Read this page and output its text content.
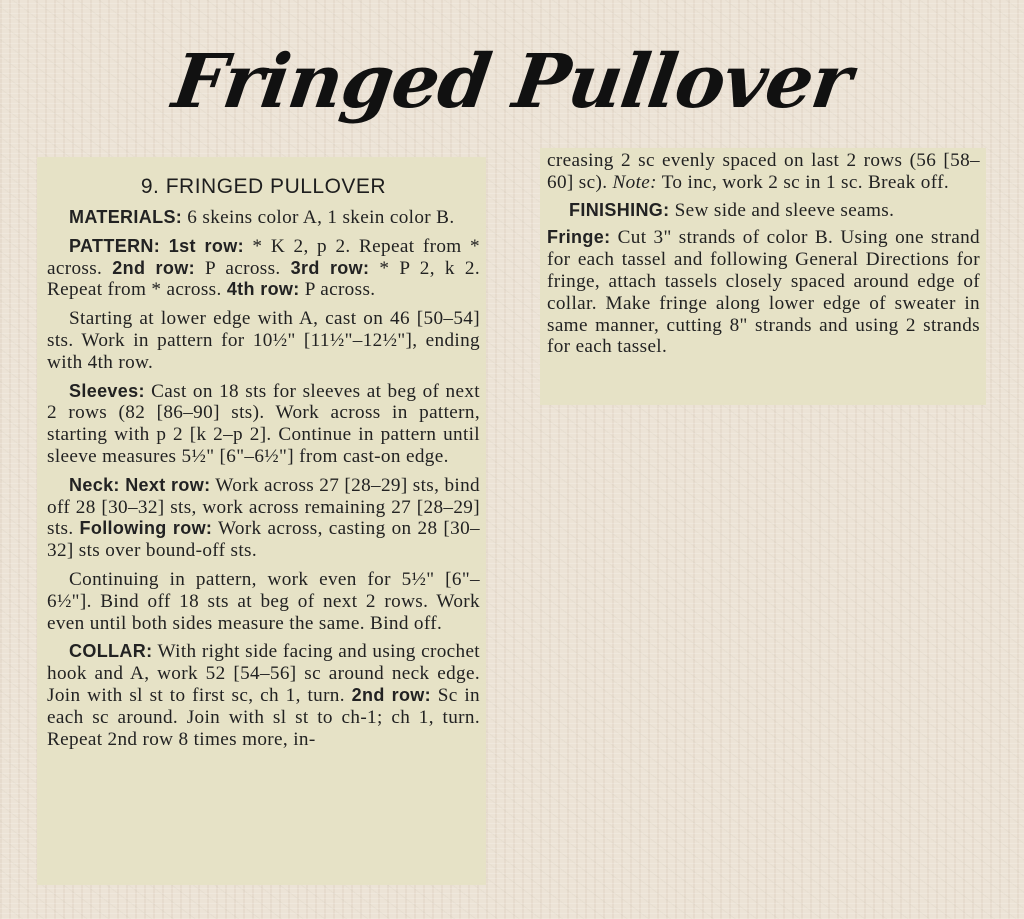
Fringed Pullover
9. FRINGED PULLOVER

MATERIALS: 6 skeins color A, 1 skein color B.

PATTERN: 1st row: * K 2, p 2. Repeat from * across. 2nd row: P across. 3rd row: * P 2, k 2. Repeat from * across. 4th row: P across.

Starting at lower edge with A, cast on 46 [50–54] sts. Work in pattern for 10½" [11½"–12½"], ending with 4th row.

Sleeves: Cast on 18 sts for sleeves at beg of next 2 rows (82 [86–90] sts). Work across in pattern, starting with p 2 [k 2–p 2]. Continue in pattern until sleeve measures 5½" [6"–6½"] from cast-on edge.

Neck: Next row: Work across 27 [28–29] sts, bind off 28 [30–32] sts, work across remaining 27 [28–29] sts. Following row: Work across, casting on 28 [30–32] sts over bound-off sts.

Continuing in pattern, work even for 5½" [6"–6½"]. Bind off 18 sts at beg of next 2 rows. Work even until both sides measure the same. Bind off.

COLLAR: With right side facing and using crochet hook and A, work 52 [54–56] sc around neck edge. Join with sl st to first sc, ch 1, turn. 2nd row: Sc in each sc around. Join with sl st to ch-1; ch 1, turn. Repeat 2nd row 8 times more, in-

creasing 2 sc evenly spaced on last 2 rows (56 [58–60] sc). Note: To inc, work 2 sc in 1 sc. Break off.

FINISHING: Sew side and sleeve seams.

Fringe: Cut 3" strands of color B. Using one strand for each tassel and following General Directions for fringe, attach tassels closely spaced around edge of collar. Make fringe along lower edge of sweater in same manner, cutting 8" strands and using 2 strands for each tassel.
